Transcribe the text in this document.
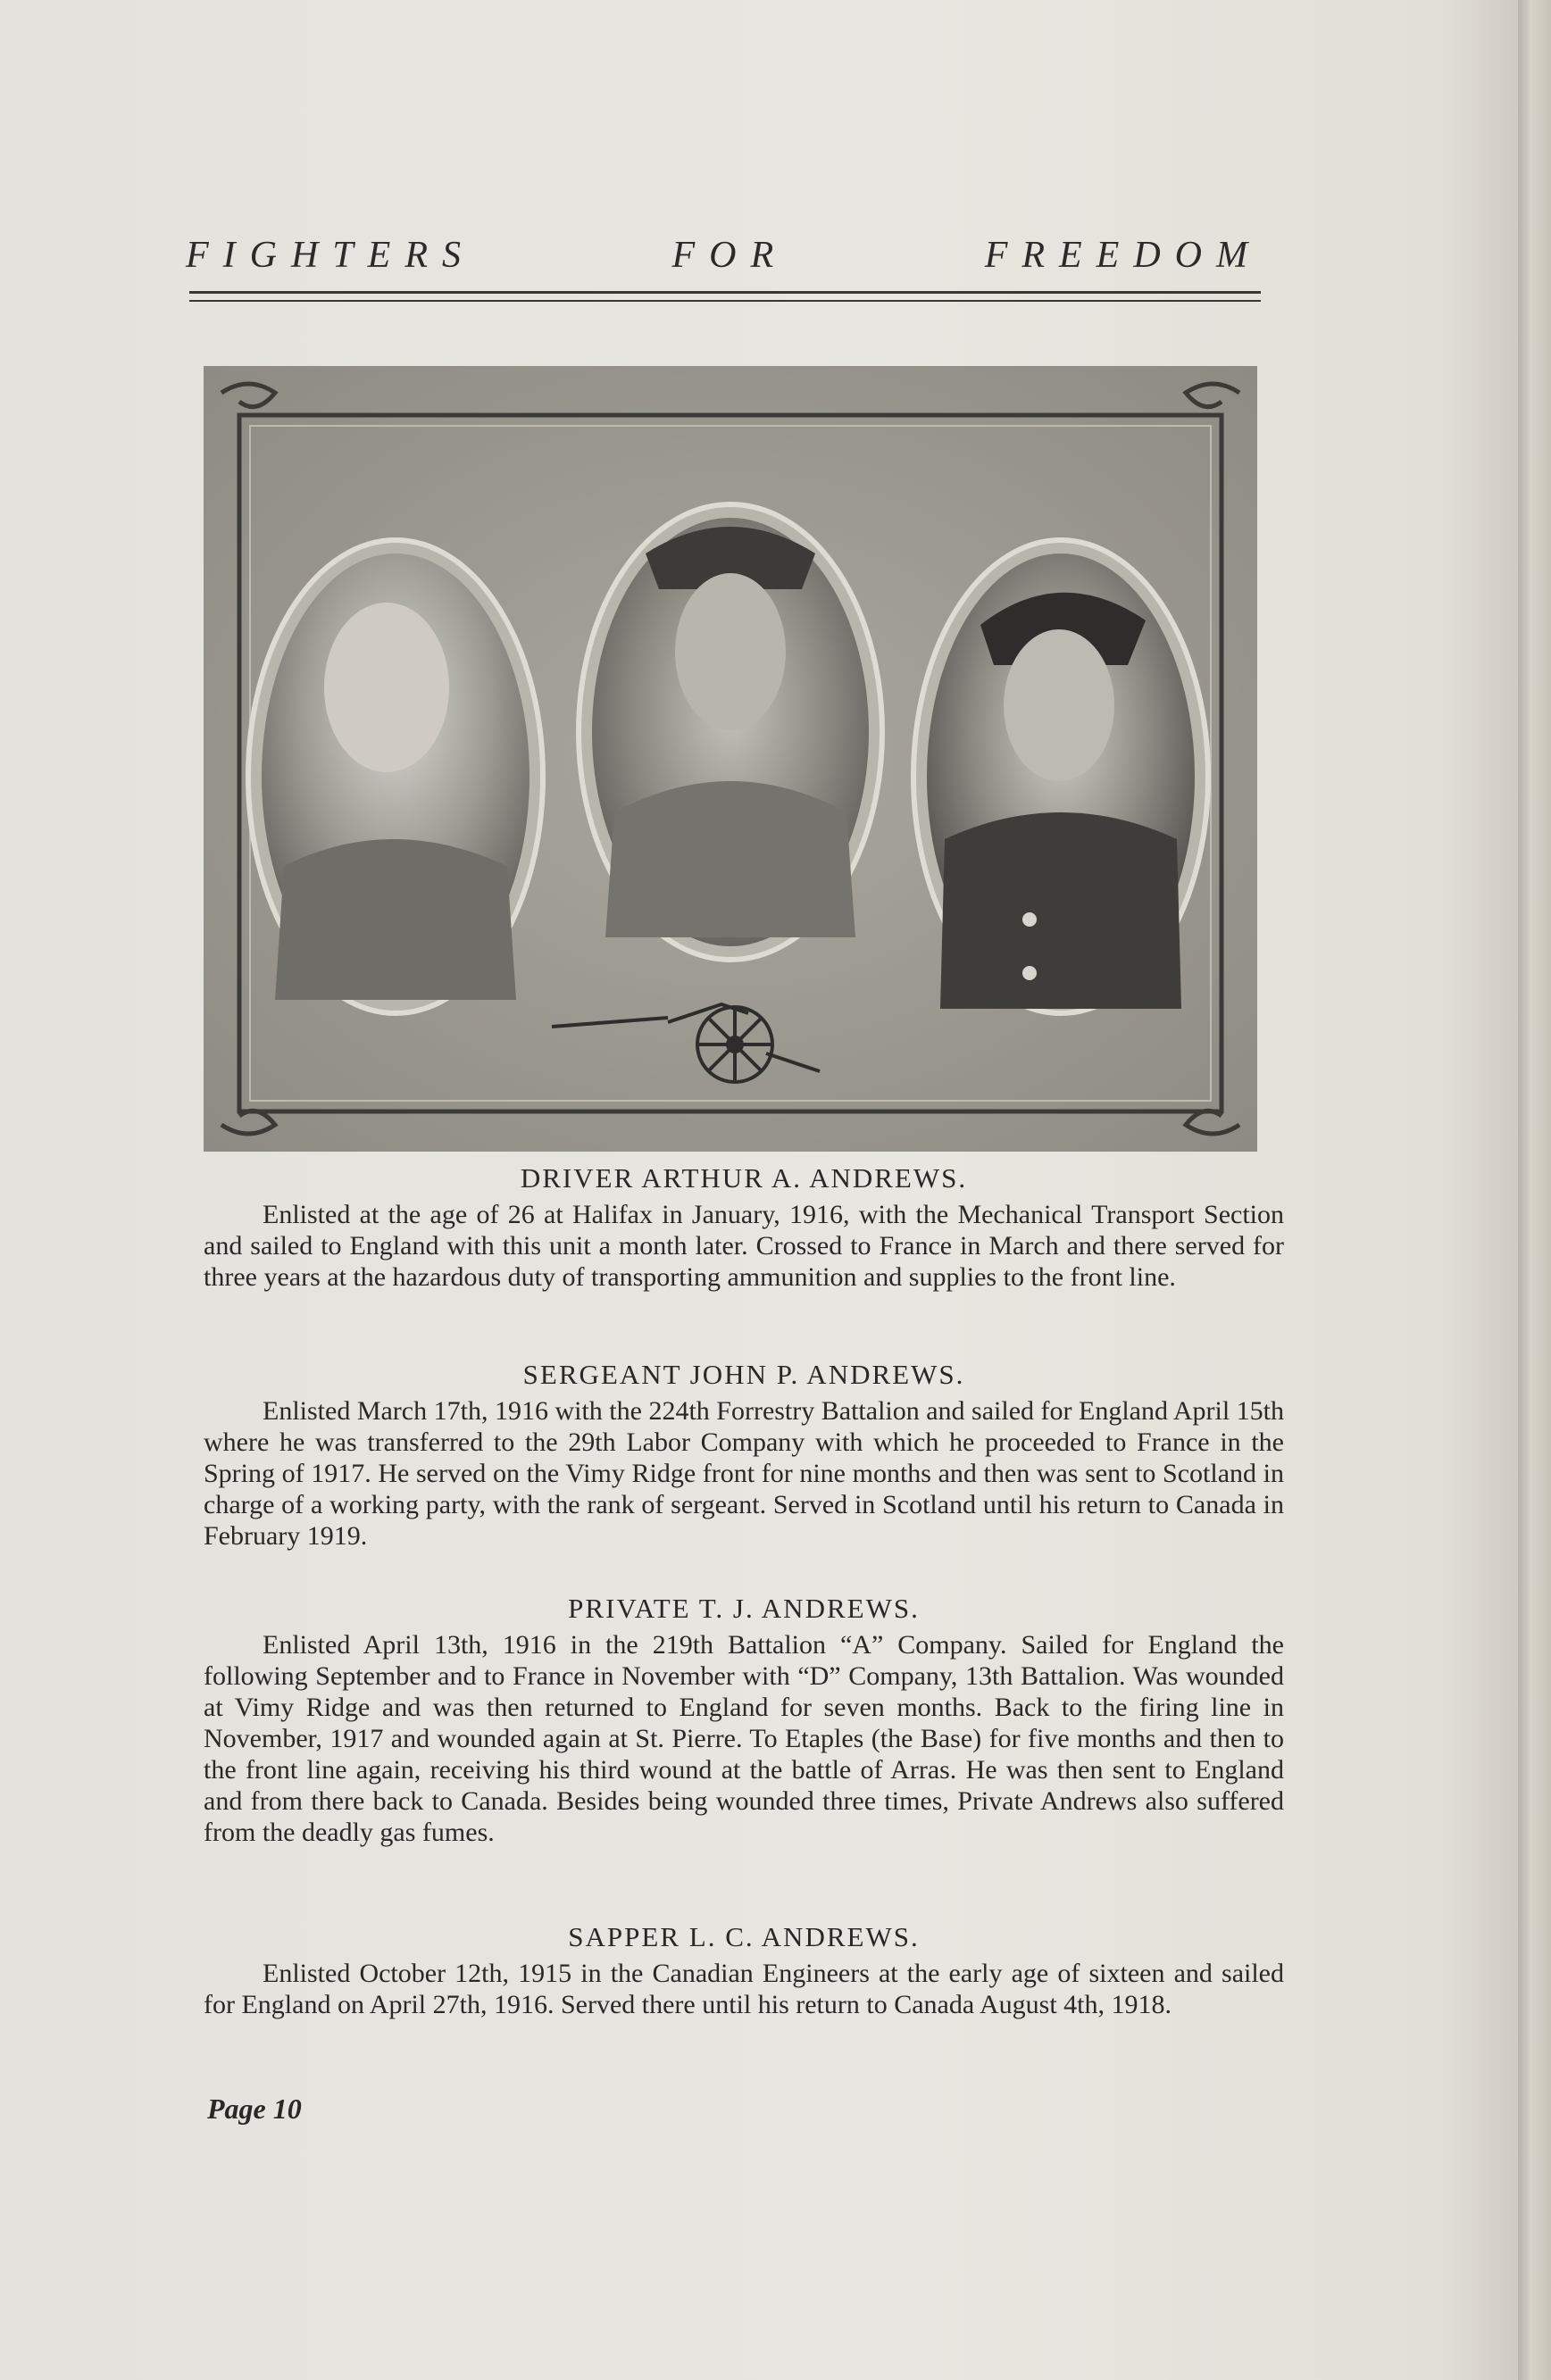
FIGHTERS	FOR	FREEDOM
DRIVER ARTHUR A. ANDREWS.

Enlisted at the age of 26 at Halifax in January, 1916, with the Mechanical Transport Section and sailed to England with this unit a month later. Crossed to France in March and there served for three years at the hazardous duty of transporting ammunition and supplies to the front line.

SERGEANT JOHN P. ANDREWS.

Enlisted March 17th, 1916 with the 224th Forrestry Battalion and sailed for England April 15th where he was transferred to the 29th Labor Company with which he proceeded to France in the Spring of 1917. He served on the Vimy Ridge front for nine months and then was sent to Scotland in charge of a working party, with the rank of sergeant. Served in Scotland until his return to Canada in February 1919.

PRIVATE T. J. ANDREWS.

Enlisted April 13th, 1916 in the 219th Battalion “A” Company. Sailed for England the following September and to France in November with “D” Company, 13th Battalion. Was wounded at Vimy Ridge and was then returned to England for seven months. Back to the firing line in November, 1917 and wounded again at St. Pierre. To Etaples (the Base) for five months and then to the front line again, receiving his third wound at the battle of Arras. He was then sent to England and from there back to Canada. Besides being wounded three times, Private Andrews also suffered from the deadly gas fumes.

SAPPER L. C. ANDREWS.

Enlisted October 12th, 1915 in the Canadian Engineers at the early age of sixteen and sailed for England on April 27th, 1916. Served there until his return to Canada August 4th, 1918.

Page 10
